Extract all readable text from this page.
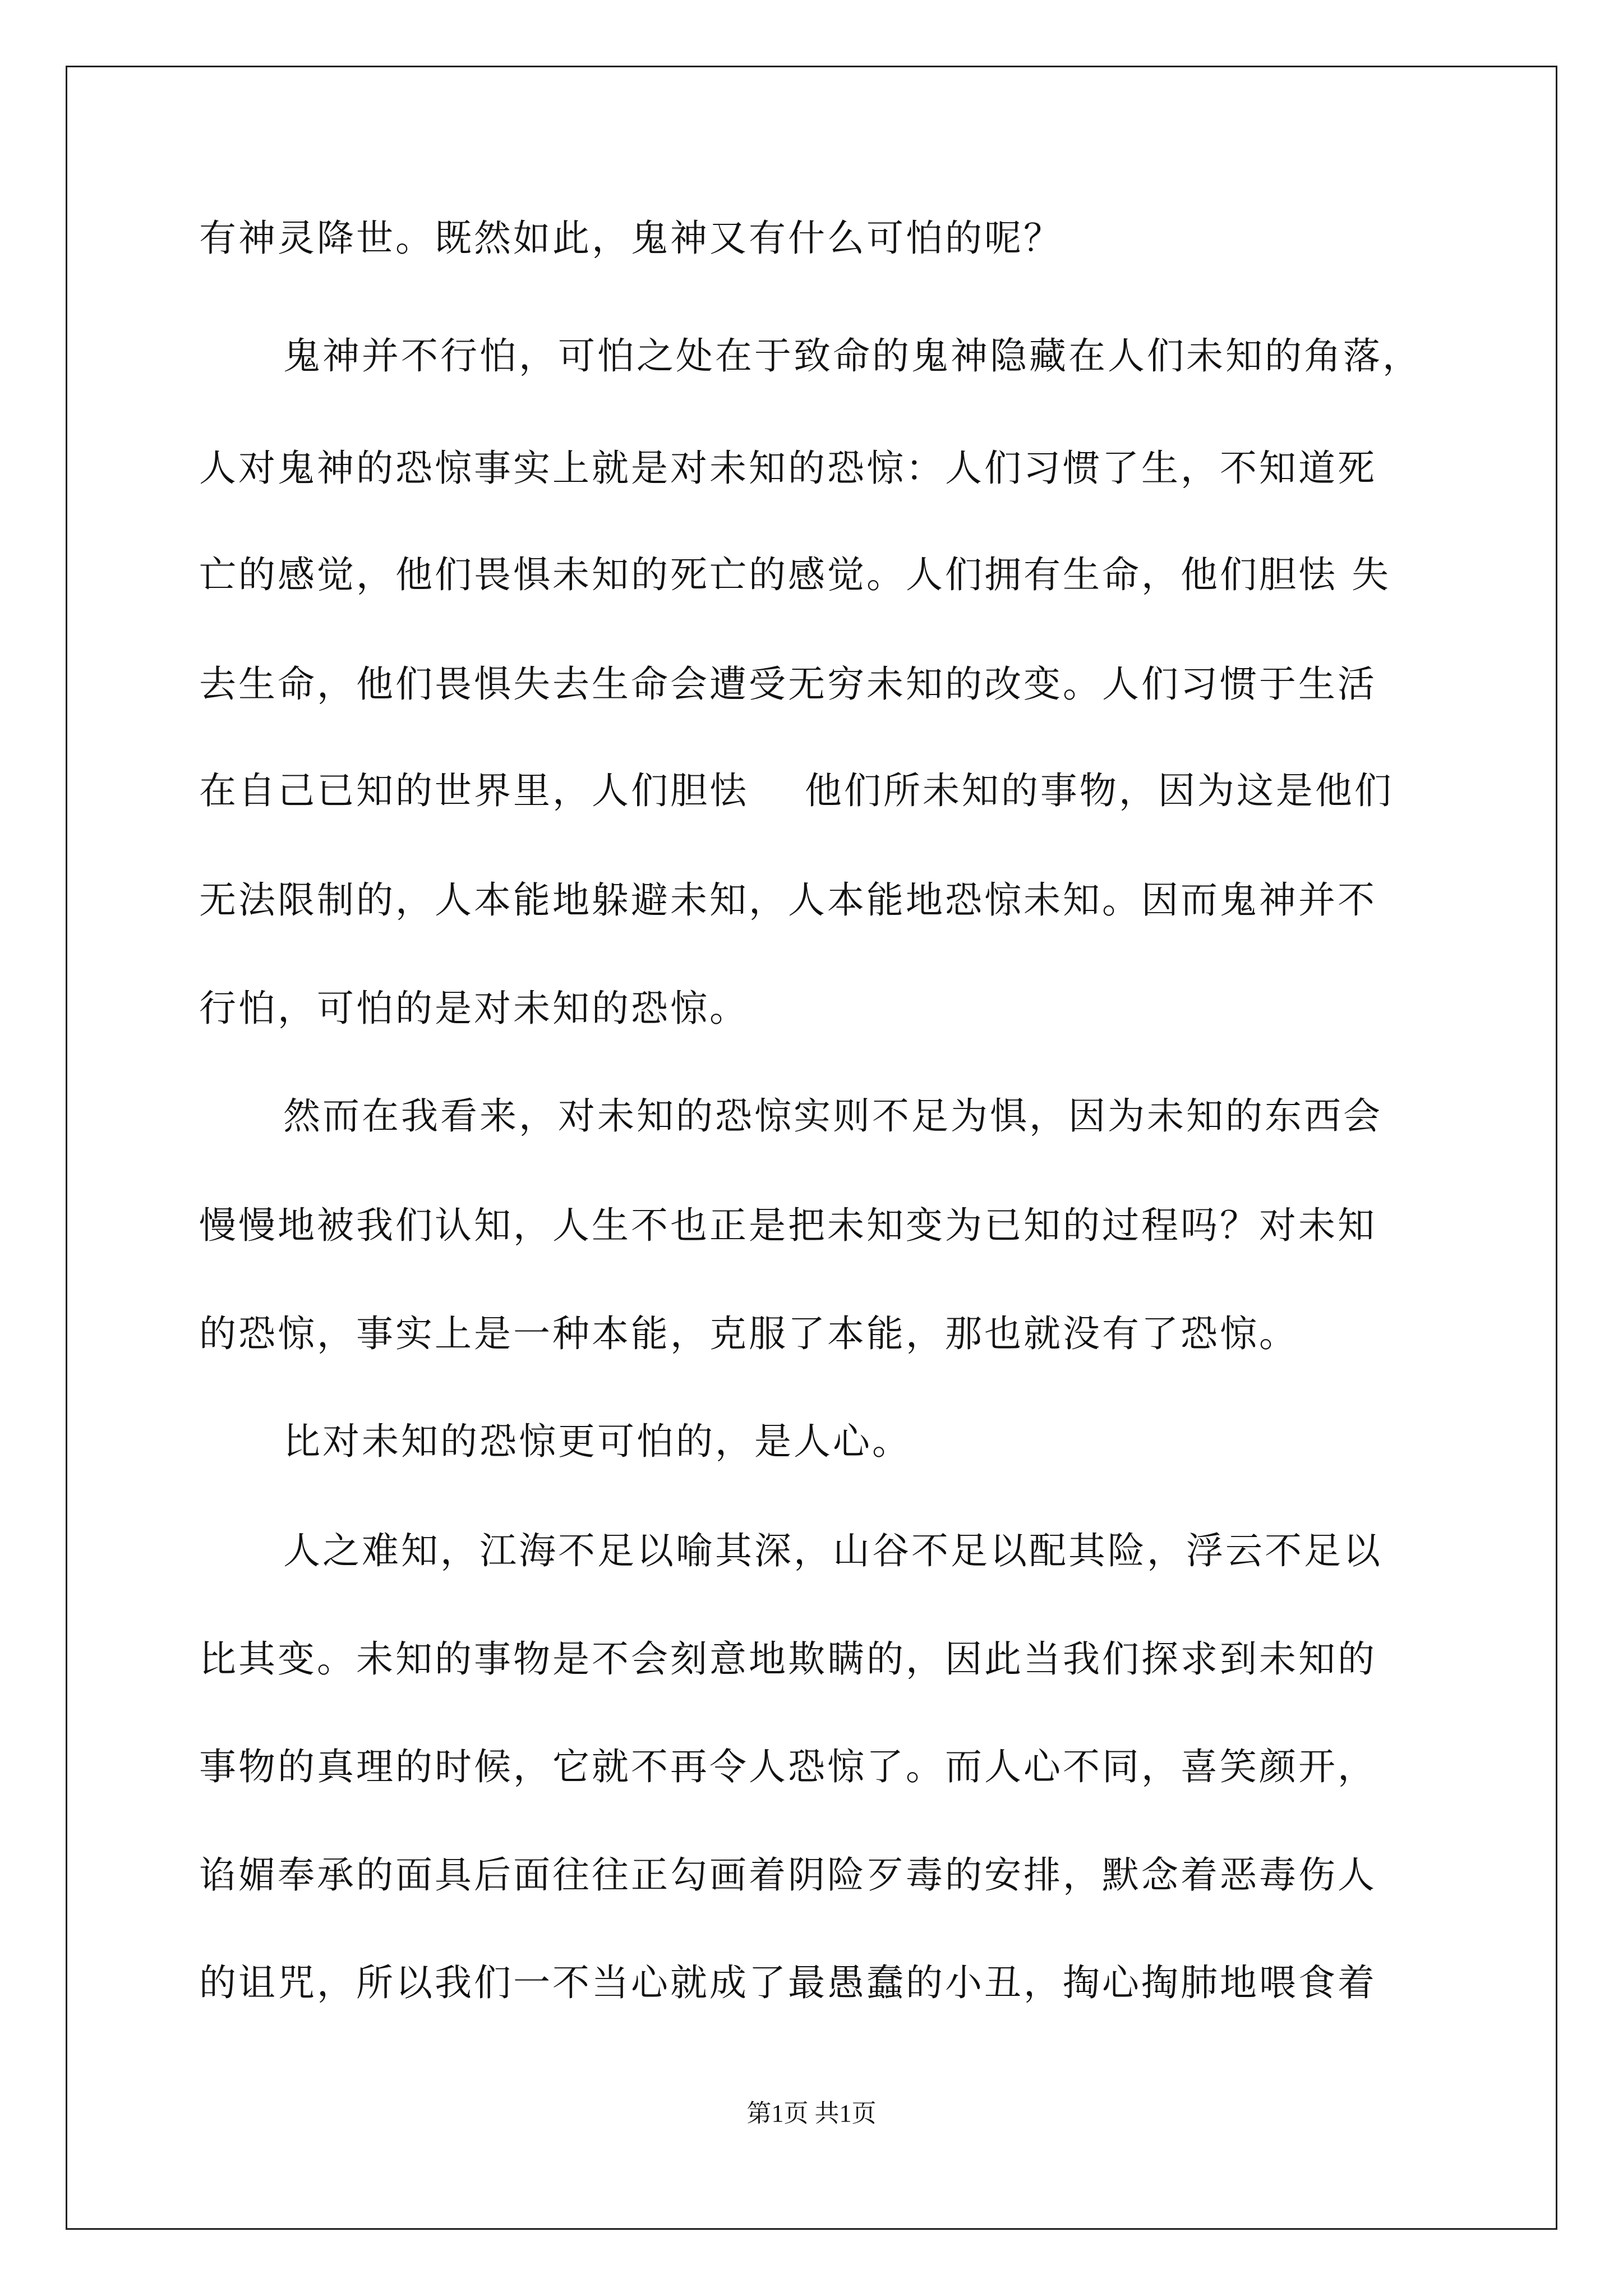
有神灵降世。既然如此，鬼神又有什么可怕的呢？
鬼神并不行怕，可怕之处在于致命的鬼神隐藏在人们未知的角落，
人对鬼神的恐惊事实上就是对未知的恐惊：人们习惯了生，不知道死
亡的感觉，他们畏惧未知的死亡的感觉。人们拥有生命，他们胆怯 失
去生命，他们畏惧失去生命会遭受无穷未知的改变。人们习惯于生活
在自己已知的世界里，人们胆怯    他们所未知的事物，因为这是他们
无法限制的，人本能地躲避未知，人本能地恐惊未知。因而鬼神并不
行怕，可怕的是对未知的恐惊。
然而在我看来，对未知的恐惊实则不足为惧，因为未知的东西会
慢慢地被我们认知，人生不也正是把未知变为已知的过程吗？对未知
的恐惊，事实上是一种本能，克服了本能，那也就没有了恐惊。
比对未知的恐惊更可怕的，是人心。
人之难知，江海不足以喻其深，山谷不足以配其险，浮云不足以
比其变。未知的事物是不会刻意地欺瞒的，因此当我们探求到未知的
事物的真理的时候，它就不再令人恐惊了。而人心不同，喜笑颜开，
谄媚奉承的面具后面往往正勾画着阴险歹毒的安排，默念着恶毒伤人
的诅咒，所以我们一不当心就成了最愚蠢的小丑，掏心掏肺地喂食着
第1页 共1页
